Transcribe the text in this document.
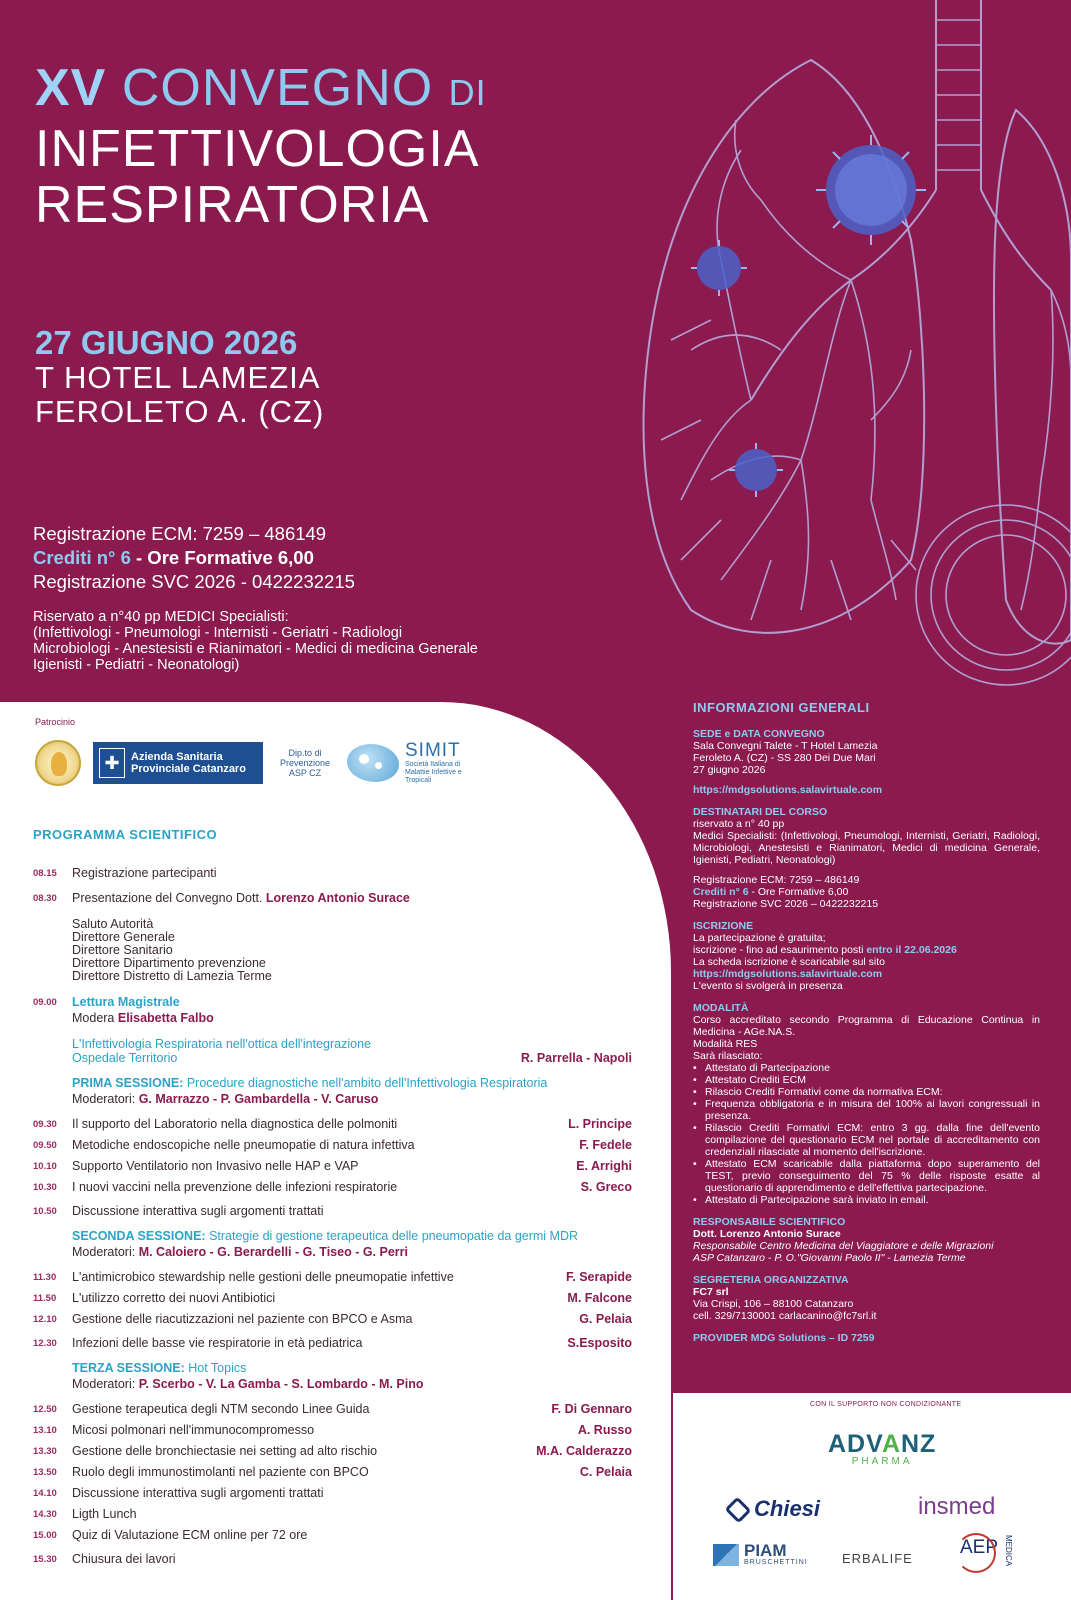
XV CONVEGNO DI
INFETTIVOLOGIA
RESPIRATORIA
27 GIUGNO 2026
T HOTEL LAMEZIA
FEROLETO A. (CZ)
Registrazione ECM: 7259 – 486149
Crediti n° 6 - Ore Formative 6,00
Registrazione SVC 2026 - 0422232215
Riservato a n°40 pp MEDICI Specialisti:
(Infettivologi - Pneumologi - Internisti - Geriatri - Radiologi
Microbiologi - Anestesisti e Rianimatori - Medici di medicina Generale
Igienisti - Pediatri - Neonatologi)
Patrocinio
✚	Azienda Sanitaria
Provinciale Catanzaro
Dip.to di Prevenzione ASP CZ
SIMIT
Società Italiana di Malattie Infettive e Tropicali
PROGRAMMA SCIENTIFICO
08.15 Registrazione partecipanti
08.30 Presentazione del Convegno Dott. Lorenzo Antonio Surace
Saluto Autorità
Direttore Generale
Direttore Sanitario
Direttore Dipartimento prevenzione
Direttore Distretto di Lamezia Terme
09.00 Lettura Magistrale
Modera Elisabetta Falbo
L'Infettivologia Respiratoria nell'ottica dell'integrazione
Ospedale Territorio	R. Parrella - Napoli
PRIMA SESSIONE: Procedure diagnostiche nell'ambito dell'Infettivologia Respiratoria
Moderatori: G. Marrazzo - P. Gambardella - V. Caruso
09.30 Il supporto del Laboratorio nella diagnostica delle polmoniti	L. Principe
09.50 Metodiche endoscopiche nelle pneumopatie di natura infettiva	F. Fedele
10.10 Supporto Ventilatorio non Invasivo nelle HAP e VAP	E. Arrighi
10.30 I nuovi vaccini nella prevenzione delle infezioni respiratorie	S. Greco
10.50 Discussione interattiva sugli argomenti trattati
SECONDA SESSIONE: Strategie di gestione terapeutica delle pneumopatie da germi MDR
Moderatori: M. Caloiero - G. Berardelli - G. Tiseo - G. Perri
11.30 L'antimicrobico stewardship nelle gestioni delle pneumopatie infettive	F. Serapide
11.50 L'utilizzo corretto dei nuovi Antibiotici	M. Falcone
12.10 Gestione delle riacutizzazioni nel paziente con BPCO e Asma	G. Pelaia
12.30 Infezioni delle basse vie respiratorie in età pediatrica	S.Esposito
TERZA SESSIONE: Hot Topics
Moderatori: P. Scerbo - V. La Gamba - S. Lombardo - M. Pino
12.50 Gestione terapeutica degli NTM secondo Linee Guida	F. Di Gennaro
13.10 Micosi polmonari nell'immunocompromesso	A. Russo
13.30 Gestione delle bronchiectasie nei setting ad alto rischio	M.A. Calderazzo
13.50 Ruolo degli immunostimolanti nel paziente con BPCO	C. Pelaia
14.10 Discussione interattiva sugli argomenti trattati
14.30 Ligth Lunch
15.00 Quiz di Valutazione ECM online per 72 ore
15.30 Chiusura dei lavori
INFORMAZIONI GENERALI
SEDE e DATA CONVEGNO
Sala Convegni Talete - T Hotel Lamezia
Feroleto A. (CZ) - SS 280 Dei Due Mari
27 giugno 2026
https://mdgsolutions.salavirtuale.com
DESTINATARI DEL CORSO
riservato a n° 40 pp
Medici Specialisti: (Infettivologi, Pneumologi, Internisti, Geriatri, Radiologi, Microbiologi, Anestesisti e Rianimatori, Medici di medicina Generale, Igienisti, Pediatri, Neonatologi)
Registrazione ECM: 7259 – 486149
Crediti n° 6 - Ore Formative 6,00
Registrazione SVC 2026 – 0422232215
ISCRIZIONE
La partecipazione è gratuita;
iscrizione - fino ad esaurimento posti entro il 22.06.2026
La scheda iscrizione è scaricabile sul sito
https://mdgsolutions.salavirtuale.com
L'evento si svolgerà in presenza
MODALITÀ
Corso accreditato secondo Programma di Educazione Continua in Medicina - AGe.NA.S.
Modalità RES
Sarà rilasciato:
• Attestato di Partecipazione
• Attestato Crediti ECM
• Rilascio Crediti Formativi come da normativa ECM:
• Frequenza obbligatoria e in misura del 100% ai lavori congressuali in presenza.
• Rilascio Crediti Formativi ECM: entro 3 gg. dalla fine dell'evento compilazione del questionario ECM nel portale di accreditamento con credenziali rilasciate al momento dell'iscrizione.
• Attestato ECM scaricabile dalla piattaforma dopo superamento del TEST, previo conseguimento del 75 % delle risposte esatte al questionario di apprendimento e dell'effettiva partecipazione.
• Attestato di Partecipazione sarà inviato in email.
RESPONSABILE SCIENTIFICO
Dott. Lorenzo Antonio Surace
Responsabile Centro Medicina del Viaggiatore e delle Migrazioni
ASP Catanzaro - P. O."Giovanni Paolo II" - Lamezia Terme
SEGRETERIA ORGANIZZATIVA
FC7 srl
Via Crispi, 106 – 88100 Catanzaro
cell. 329/7130001 carlacanino@fc7srl.it
PROVIDER MDG Solutions – ID 7259
CON IL SUPPORTO NON CONDIZIONANTE
ADVANZ
PHARMA
Chiesi	insmed
PIAM
BRUSCHETTINI	ERBALIFE
AEP MEDICA
